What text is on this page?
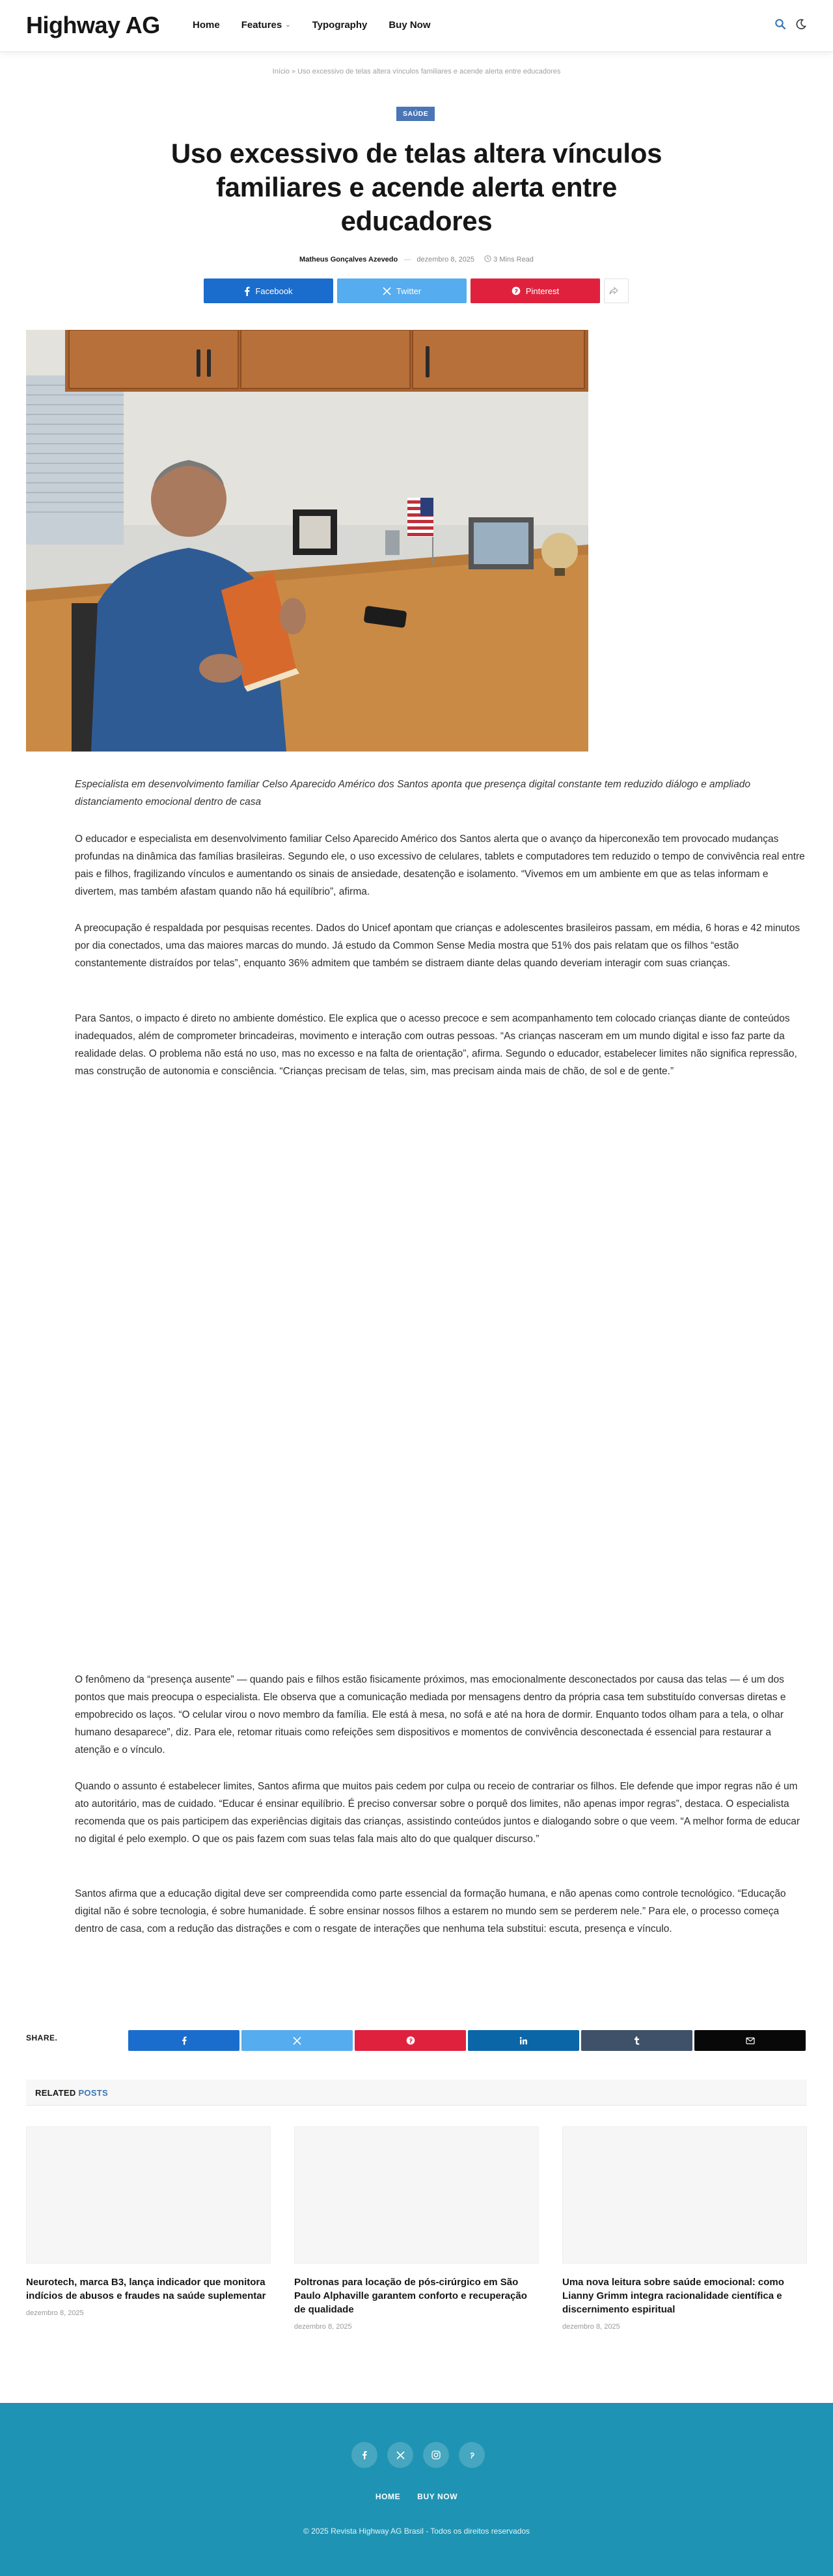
Highway AG	Home Features ⌄ Typography Buy Now
Início » Uso excessivo de telas altera vínculos familiares e acende alerta entre educadores
SAÚDE
Uso excessivo de telas altera vínculos familiares e acende alerta entre educadores
Matheus Gonçalves Azevedo — dezembro 8, 2025	3 Mins Read
Facebook	Twitter	Pinterest

Especialista em desenvolvimento familiar Celso Aparecido Américo dos Santos aponta que presença digital constante tem reduzido diálogo e ampliado distanciamento emocional dentro de casa

O educador e especialista em desenvolvimento familiar Celso Aparecido Américo dos Santos alerta que o avanço da hiperconexão tem provocado mudanças profundas na dinâmica das famílias brasileiras. Segundo ele, o uso excessivo de celulares, tablets e computadores tem reduzido o tempo de convivência real entre pais e filhos, fragilizando vínculos e aumentando os sinais de ansiedade, desatenção e isolamento. “Vivemos em um ambiente em que as telas informam e divertem, mas também afastam quando não há equilíbrio”, afirma.

A preocupação é respaldada por pesquisas recentes. Dados do Unicef apontam que crianças e adolescentes brasileiros passam, em média, 6 horas e 42 minutos por dia conectados, uma das maiores marcas do mundo. Já estudo da Common Sense Media mostra que 51% dos pais relatam que os filhos “estão constantemente distraídos por telas”, enquanto 36% admitem que também se distraem diante delas quando deveriam interagir com suas crianças.

Para Santos, o impacto é direto no ambiente doméstico. Ele explica que o acesso precoce e sem acompanhamento tem colocado crianças diante de conteúdos inadequados, além de comprometer brincadeiras, movimento e interação com outras pessoas. “As crianças nasceram em um mundo digital e isso faz parte da realidade delas. O problema não está no uso, mas no excesso e na falta de orientação”, afirma. Segundo o educador, estabelecer limites não significa repressão, mas construção de autonomia e consciência. “Crianças precisam de telas, sim, mas precisam ainda mais de chão, de sol e de gente.”

O fenômeno da “presença ausente” — quando pais e filhos estão fisicamente próximos, mas emocionalmente desconectados por causa das telas — é um dos pontos que mais preocupa o especialista. Ele observa que a comunicação mediada por mensagens dentro da própria casa tem substituído conversas diretas e empobrecido os laços. “O celular virou o novo membro da família. Ele está à mesa, no sofá e até na hora de dormir. Enquanto todos olham para a tela, o olhar humano desaparece”, diz. Para ele, retomar rituais como refeições sem dispositivos e momentos de convivência desconectada é essencial para restaurar a atenção e o vínculo.

Quando o assunto é estabelecer limites, Santos afirma que muitos pais cedem por culpa ou receio de contrariar os filhos. Ele defende que impor regras não é um ato autoritário, mas de cuidado. “Educar é ensinar equilíbrio. É preciso conversar sobre o porquê dos limites, não apenas impor regras”, destaca. O especialista recomenda que os pais participem das experiências digitais das crianças, assistindo conteúdos juntos e dialogando sobre o que veem. “A melhor forma de educar no digital é pelo exemplo. O que os pais fazem com suas telas fala mais alto do que qualquer discurso.”

Santos afirma que a educação digital deve ser compreendida como parte essencial da formação humana, e não apenas como controle tecnológico. “Educação digital não é sobre tecnologia, é sobre humanidade. É sobre ensinar nossos filhos a estarem no mundo sem se perderem nele.” Para ele, o processo começa dentro de casa, com a redução das distrações e com o resgate de interações que nenhuma tela substitui: escuta, presença e vínculo.

SHARE.
RELATED POSTS
Neurotech, marca B3, lança indicador que monitora indícios de abusos e fraudes na saúde suplementar
dezembro 8, 2025
Poltronas para locação de pós-cirúrgico em São Paulo Alphaville garantem conforto e recuperação de qualidade
dezembro 8, 2025
Uma nova leitura sobre saúde emocional: como Lianny Grimm integra racionalidade científica e discernimento espiritual
dezembro 8, 2025
HOME BUY NOW
© 2025 Revista Highway AG Brasil - Todos os direitos reservados
